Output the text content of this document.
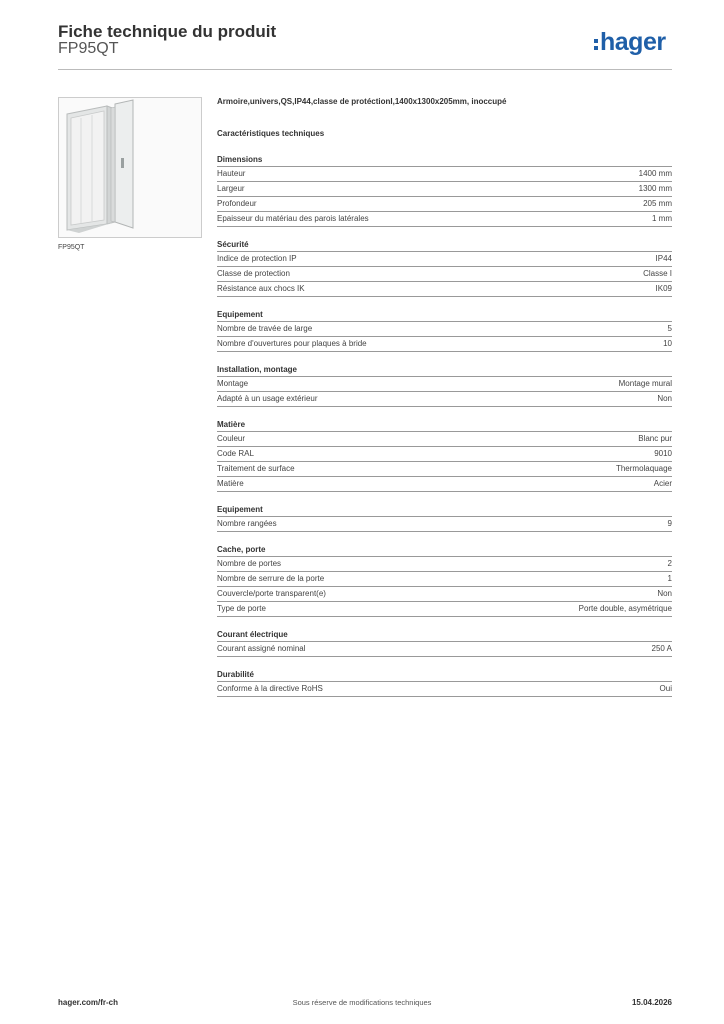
Fiche technique du produit
FP95QT	hager
FP95QT
Armoire,univers,QS,IP44,classe de protéctionI,1400x1300x205mm, inoccupé
Caractéristiques techniques
Dimensions
Hauteur	1400 mm
Largeur	1300 mm
Profondeur	205 mm
Epaisseur du matériau des parois latérales	1 mm
Sécurité
Indice de protection IP	IP44
Classe de protection	Classe I
Résistance aux chocs IK	IK09
Equipement
Nombre de travée de large	5
Nombre d'ouvertures pour plaques à bride	10
Installation, montage
Montage	Montage mural
Adapté à un usage extérieur	Non
Matière
Couleur	Blanc pur
Code RAL	9010
Traitement de surface	Thermolaquage
Matière	Acier
Equipement
Nombre rangées	9
Cache, porte
Nombre de portes	2
Nombre de serrure de la porte	1
Couvercle/porte transparent(e)	Non
Type de porte	Porte double, asymétrique
Courant électrique
Courant assigné nominal	250 A
Durabilité
Conforme à la directive RoHS	Oui
hager.com/fr-ch	Sous réserve de modifications techniques	15.04.2026
